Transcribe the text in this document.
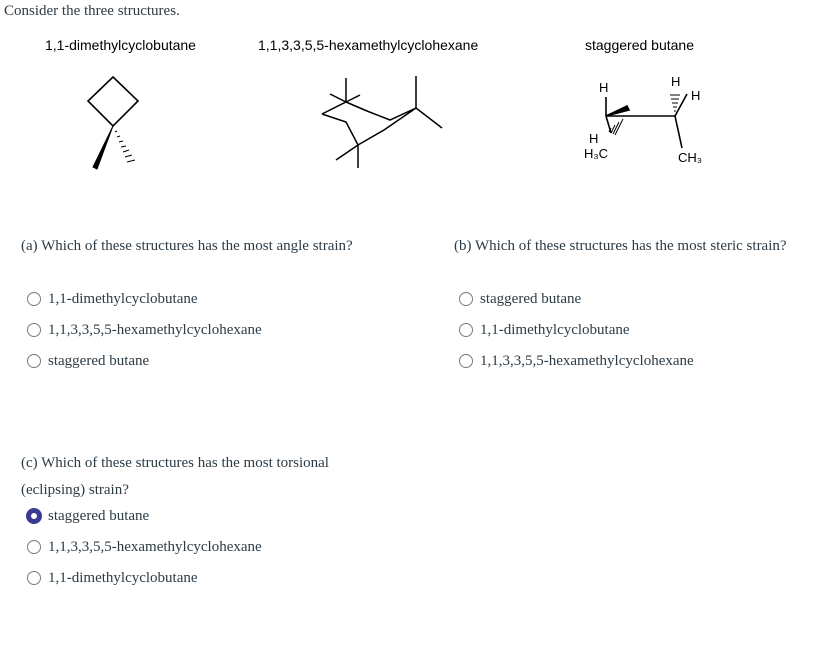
Consider the three structures.
1,1-dimethylcyclobutane	1,1,3,3,5,5-hexamethylcyclohexane	staggered butane
H	H
H
H
H₃C	CH₃
(a) Which of these structures has the most angle strain?
1,1-dimethylcyclobutane
1,1,3,3,5,5-hexamethylcyclohexane
staggered butane
(b) Which of these structures has the most steric strain?
staggered butane
1,1-dimethylcyclobutane
1,1,3,3,5,5-hexamethylcyclohexane
(c) Which of these structures has the most torsional
(eclipsing) strain?
staggered butane
1,1,3,3,5,5-hexamethylcyclohexane
1,1-dimethylcyclobutane
